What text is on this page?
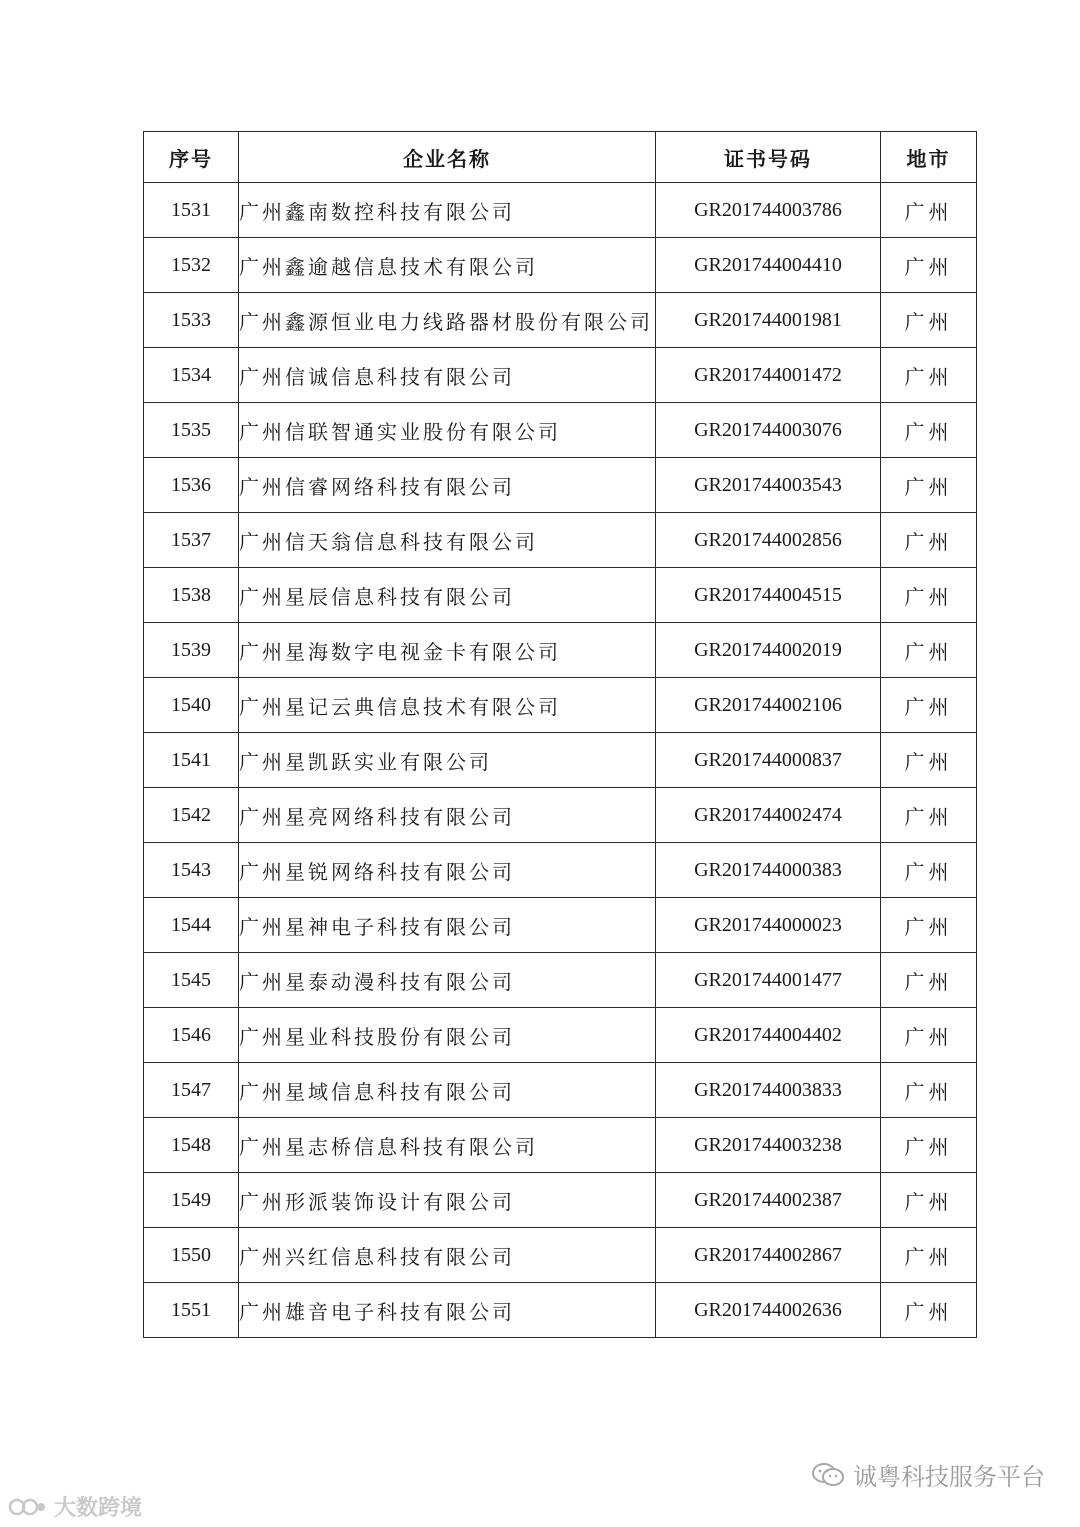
序号	企业名称	证书号码	地市
1531	广州鑫南数控科技有限公司	GR201744003786	广州
1532	广州鑫逾越信息技术有限公司	GR201744004410	广州
1533	广州鑫源恒业电力线路器材股份有限公司	GR201744001981	广州
1534	广州信诚信息科技有限公司	GR201744001472	广州
1535	广州信联智通实业股份有限公司	GR201744003076	广州
1536	广州信睿网络科技有限公司	GR201744003543	广州
1537	广州信天翁信息科技有限公司	GR201744002856	广州
1538	广州星辰信息科技有限公司	GR201744004515	广州
1539	广州星海数字电视金卡有限公司	GR201744002019	广州
1540	广州星记云典信息技术有限公司	GR201744002106	广州
1541	广州星凯跃实业有限公司	GR201744000837	广州
1542	广州星亮网络科技有限公司	GR201744002474	广州
1543	广州星锐网络科技有限公司	GR201744000383	广州
1544	广州星神电子科技有限公司	GR201744000023	广州
1545	广州星泰动漫科技有限公司	GR201744001477	广州
1546	广州星业科技股份有限公司	GR201744004402	广州
1547	广州星域信息科技有限公司	GR201744003833	广州
1548	广州星志桥信息科技有限公司	GR201744003238	广州
1549	广州形派装饰设计有限公司	GR201744002387	广州
1550	广州兴红信息科技有限公司	GR201744002867	广州
1551	广州雄音电子科技有限公司	GR201744002636	广州
诚粤科技服务平台
大数跨境
